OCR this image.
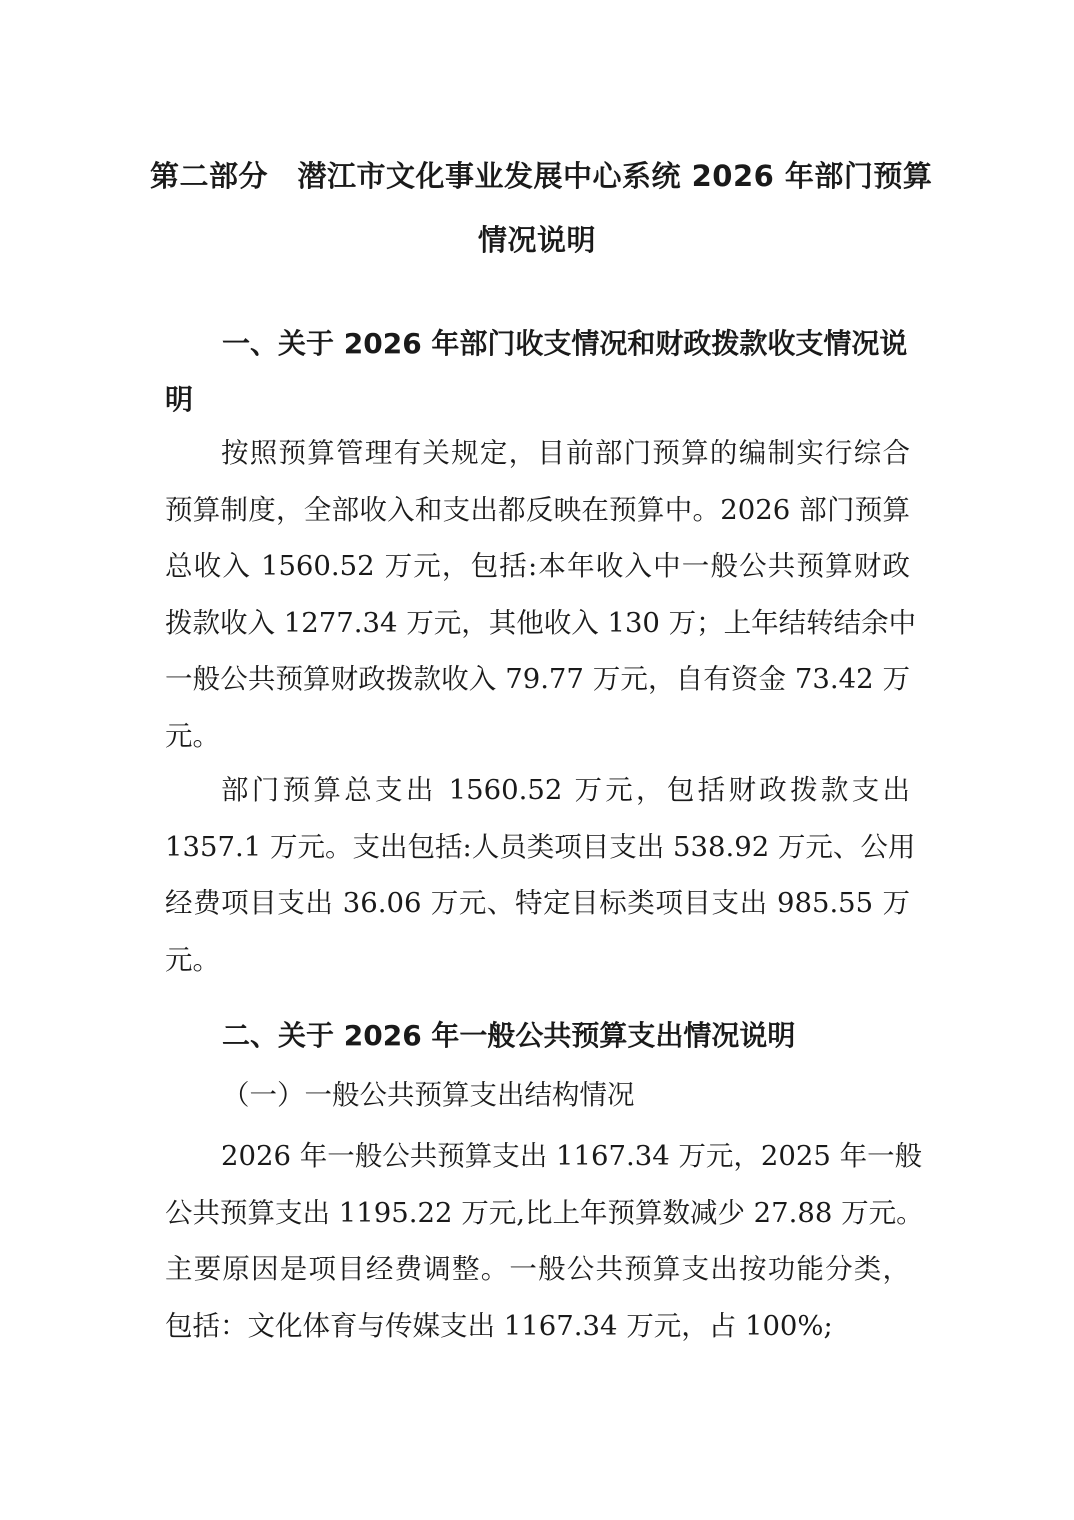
第二部分　潜江市文化事业发展中心系统 2026 年部门预算
情况说明
一、关于 2026 年部门收支情况和财政拨款收支情况说
明
按照预算管理有关规定，目前部门预算的编制实行综合
预算制度，全部收入和支出都反映在预算中。2026 部门预算
总收入 1560.52 万元，包括:本年收入中一般公共预算财政
拨款收入 1277.34 万元，其他收入 130 万；上年结转结余中
一般公共预算财政拨款收入 79.77 万元，自有资金 73.42 万
元。
部门预算总支出 1560.52 万元，包括财政拨款支出
1357.1 万元。支出包括:人员类项目支出 538.92 万元、公用
经费项目支出 36.06 万元、特定目标类项目支出 985.55 万
元。
二、关于 2026 年一般公共预算支出情况说明
（一）一般公共预算支出结构情况
2026 年一般公共预算支出 1167.34 万元，2025 年一般
公共预算支出 1195.22 万元,比上年预算数减少 27.88 万元。
主要原因是项目经费调整。一般公共预算支出按功能分类，
包括：文化体育与传媒支出 1167.34 万元，占 100%;
